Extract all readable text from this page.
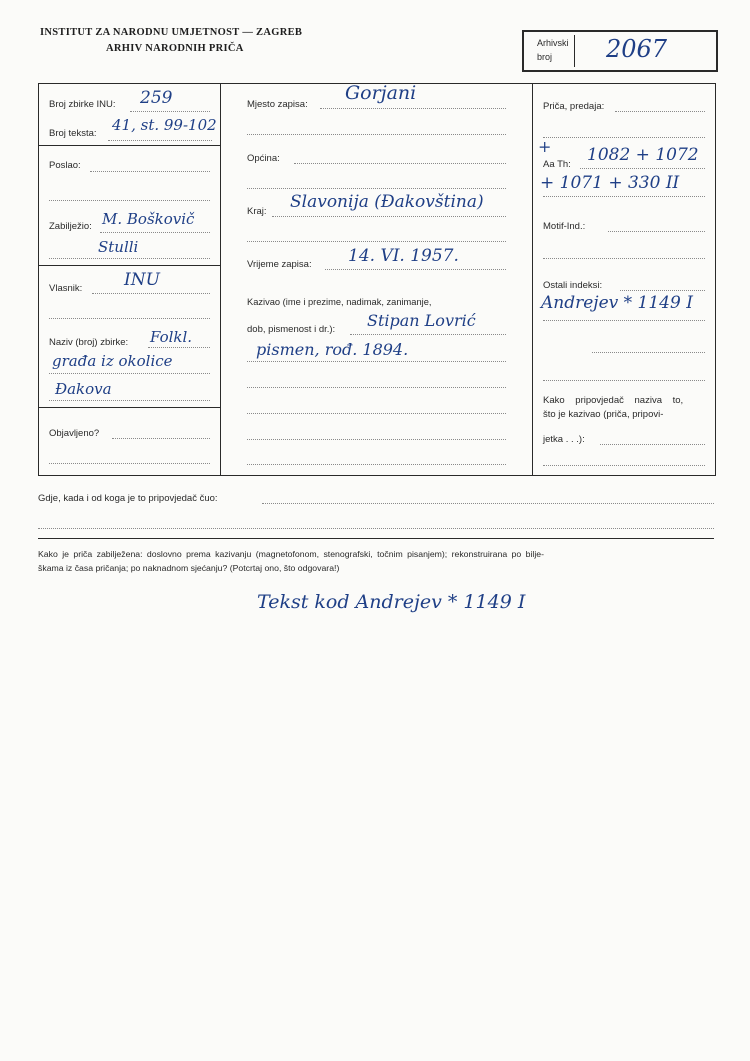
INSTITUT ZA NARODNU UMJETNOST — ZAGREB
ARHIV NARODNIH PRIČA	Arhivski
broj 2067
Broj zbirke INU: 259
Broj teksta: 41, st. 99-102
Poslao:
Zabilježio: M. Boškovič
Stulli
Vlasnik: INU
Naziv (broj) zbirke: Folkl.
građa iz okolice
Đakova
Objavljeno?
Mjesto zapisa:
Gorjani
Općina:
Kraj: Slavonija (Đakovština)
Vrijeme zapisa: 14. VI. 1957.
Kazivao (ime i prezime, nadimak, zanimanje,
dob, pismenost i dr.): Stipan Lovrić
pismen, rođ. 1894.
Priča, predaja:
+
Aa Th: 1082 + 1072
+ 1071 + 330 II
Motif-Ind.:
Ostali indeksi:
Andrejev * 1149 I
Kako pripovjedač naziva to,
što je kazivao (priča, pripovi-
jetka . . .):
Gdje, kada i od koga je to pripovjedač čuo:
Kako je priča zabilježena: doslovno prema kazivanju (magnetofonom, stenografski, točnim pisanjem); rekonstruirana po bilje-
škama iz časa pričanja; po naknadnom sjećanju? (Potcrtaj ono, što odgovara!)
Tekst kod Andrejev * 1149 I
